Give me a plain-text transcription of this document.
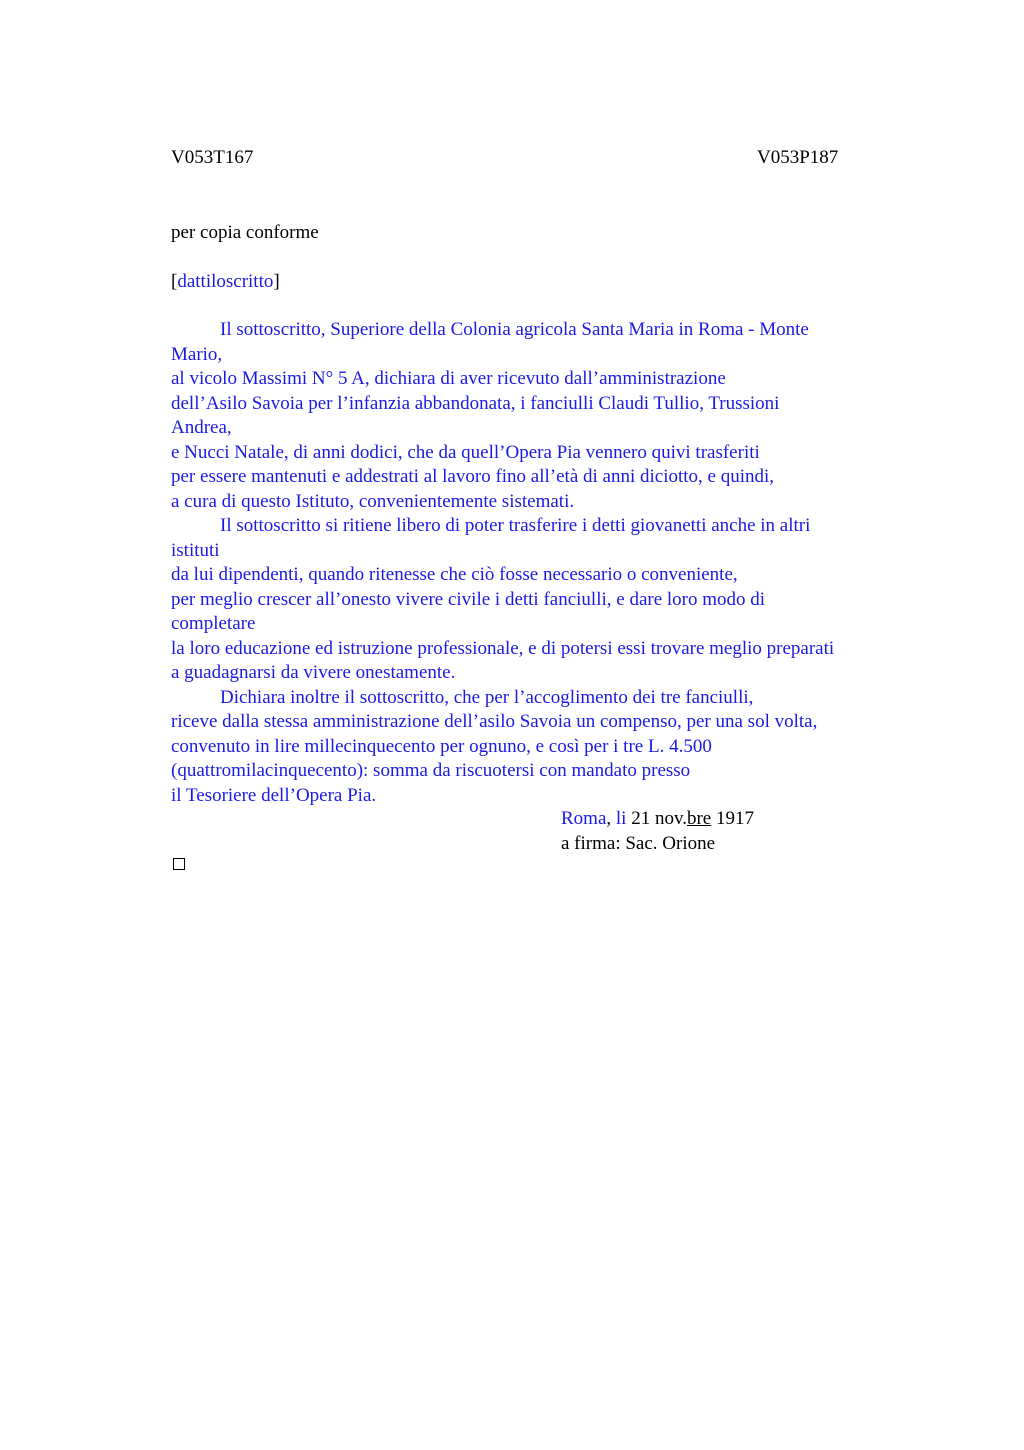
V053T167	V053P187
per copia conforme
[dattiloscritto]
Il sottoscritto, Superiore della Colonia agricola Santa Maria in Roma - Monte
Mario,
al vicolo Massimi N° 5 A, dichiara di aver ricevuto dall’amministrazione
dell’Asilo Savoia per l’infanzia abbandonata, i fanciulli Claudi Tullio, Trussioni
Andrea,
e Nucci Natale, di anni dodici, che da quell’Opera Pia vennero quivi trasferiti
per essere mantenuti e addestrati al lavoro fino all’età di anni diciotto, e quindi,
a cura di questo Istituto, convenientemente sistemati.
Il sottoscritto si ritiene libero di poter trasferire i detti giovanetti anche in altri
istituti
da lui dipendenti, quando ritenesse che ciò fosse necessario o conveniente,
per meglio crescer all’onesto vivere civile i detti fanciulli, e dare loro modo di
completare
la loro educazione ed istruzione professionale, e di potersi essi trovare meglio preparati
a guadagnarsi da vivere onestamente.
Dichiara inoltre il sottoscritto, che per l’accoglimento dei tre fanciulli,
riceve dalla stessa amministrazione dell’asilo Savoia un compenso, per una sol volta,
convenuto in lire millecinquecento per ognuno, e così per i tre L. 4.500
(quattromilacinquecento): somma da riscuotersi con mandato presso
il Tesoriere dell’Opera Pia.
Roma, li 21 nov.bre 1917
a firma: Sac. Orione
